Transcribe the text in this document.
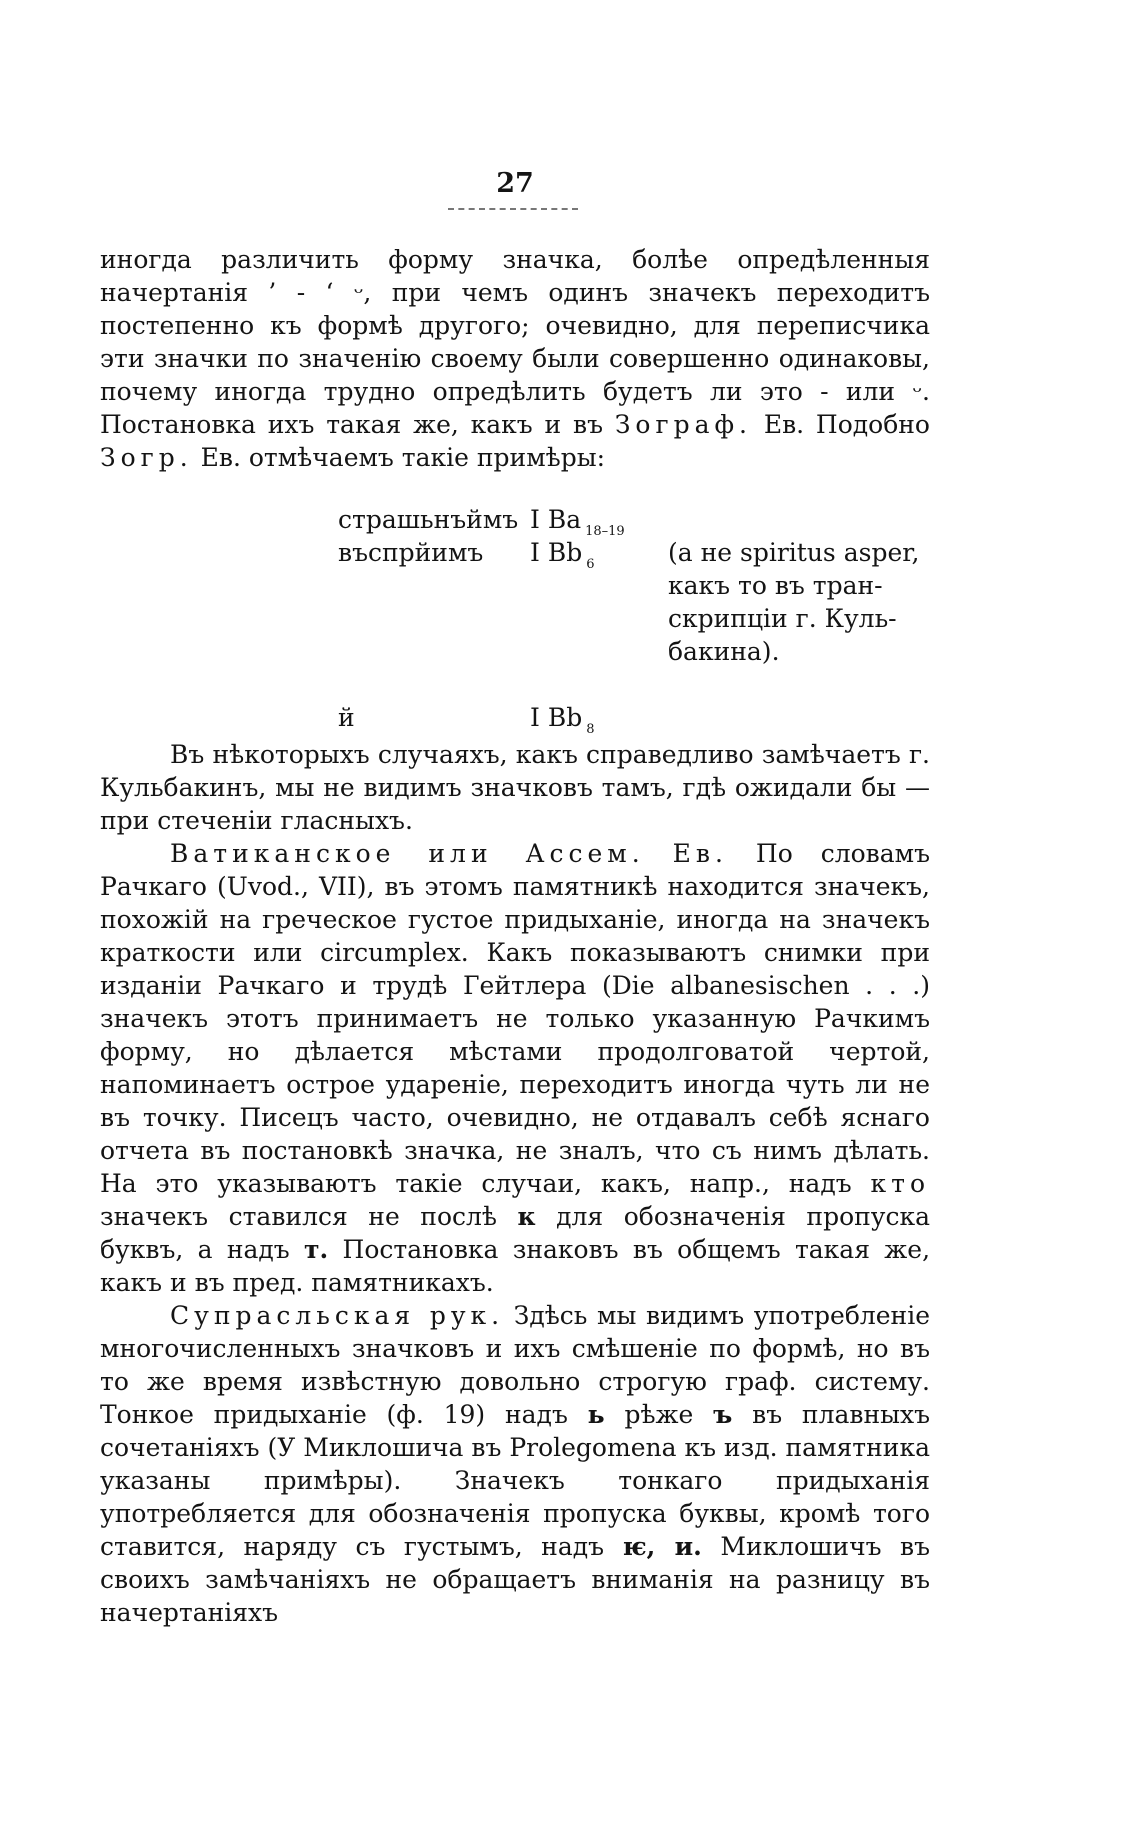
27

иногда различить форму значка, болѣе опредѣленныя начертанія ’ - ‘ ᵕ, при чемъ одинъ значекъ переходитъ постепенно къ формѣ другого; очевидно, для переписчика эти значки по значенію своему были совершенно одинаковы, почему иногда трудно опредѣлить будетъ ли это - или ᵕ. Постановка ихъ такая же, какъ и въ Зограф. Ев. Подобно Зогр. Ев. отмѣчаемъ такіе примѣры:

страшьнъймъ I Ba $_{18-19}$
въспрйимъ I Bb $_6$	(а не spiritus asper,
какъ то въ тран-
скрипціи г. Куль-
бакина).
й	I Bb $_8$

Въ нѣкоторыхъ случаяхъ, какъ справедливо замѣчаетъ г. Кульбакинъ, мы не видимъ значковъ тамъ, гдѣ ожидали бы — при стеченіи гласныхъ.

Ватиканское или Ассем. Ев. По словамъ Рачкаго (Uvod., VII), въ этомъ памятникѣ находится значекъ, похожій на греческое густое придыханіе, иногда на значекъ краткости или circumplex. Какъ показываютъ снимки при изданіи Рачкаго и трудѣ Гейтлера (Die albanesischen . . .) значекъ этотъ принимаетъ не только указанную Рачкимъ форму, но дѣлается мѣстами продолговатой чертой, напоминаетъ острое удареніе, переходитъ иногда чуть ли не въ точку. Писецъ часто, очевидно, не отдавалъ себѣ яснаго отчета въ постановкѣ значка, не зналъ, что съ нимъ дѣлать. На это указываютъ такіе случаи, какъ, напр., надъ кто значекъ ставился не послѣ к для обозначенія пропуска буквъ, а надъ т. Постановка знаковъ въ общемъ такая же, какъ и въ пред. памятникахъ.

Супрасльская рук. Здѣсь мы видимъ употребленіе многочисленныхъ значковъ и ихъ смѣшеніе по формѣ, но въ то же время извѣстную довольно строгую граф. систему. Тонкое придыханіе (ф. 19) надъ ь рѣже ъ въ плавныхъ сочетаніяхъ (У Миклошича въ Prolegomena къ изд. памятника указаны примѣры). Значекъ тонкаго придыханія употребляется для обозначенія пропуска буквы, кромѣ того ставится, наряду съ густымъ, надъ ѥ, и. Миклошичъ въ своихъ замѣчаніяхъ не обращаетъ вниманія на разницу въ начертаніяхъ
